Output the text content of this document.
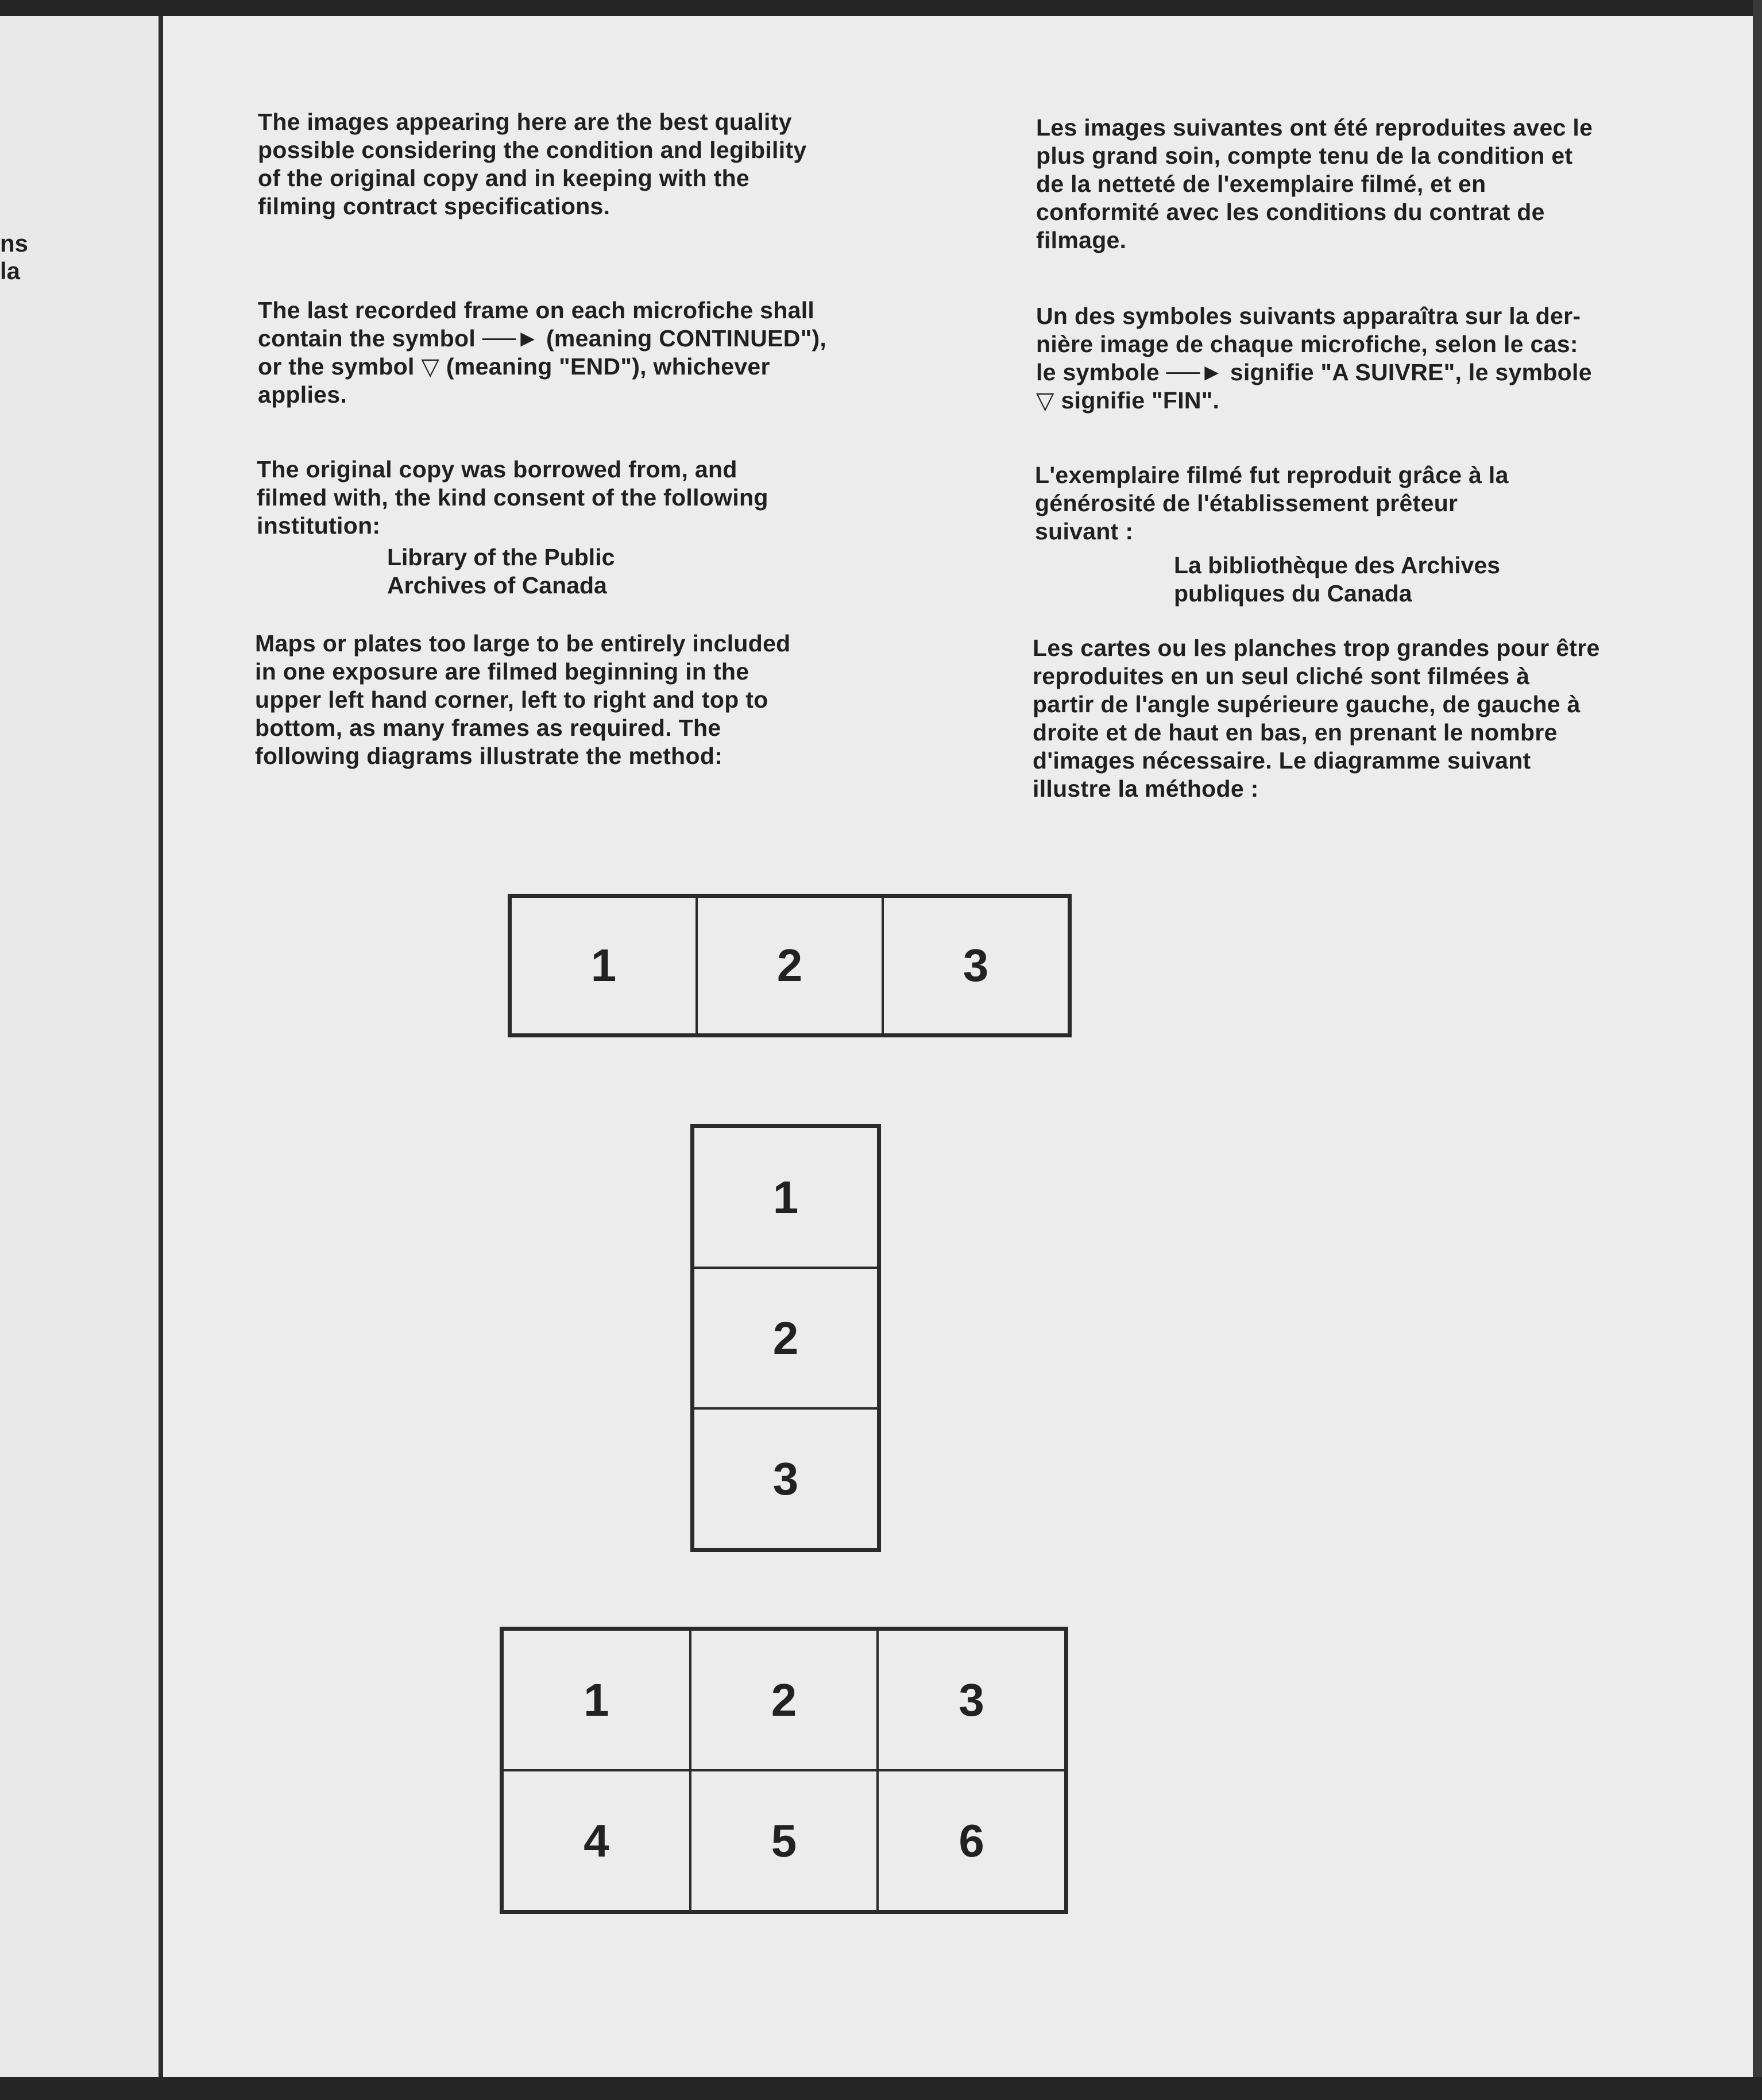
ns
la

The images appearing here are the best quality
possible considering the condition and legibility
of the original copy and in keeping with the
filming contract specifications.

The last recorded frame on each microfiche shall
contain the symbol ──► (meaning CONTINUED"),
or the symbol ▽ (meaning "END"), whichever
applies.

The original copy was borrowed from, and
filmed with, the kind consent of the following
institution:

Library of the Public
Archives of Canada

Maps or plates too large to be entirely included
in one exposure are filmed beginning in the
upper left hand corner, left to right and top to
bottom, as many frames as required. The
following diagrams illustrate the method:

Les images suivantes ont été reproduites avec le
plus grand soin, compte tenu de la condition et
de la netteté de l'exemplaire filmé, et en
conformité avec les conditions du contrat de
filmage.

Un des symboles suivants apparaîtra sur la der-
nière image de chaque microfiche, selon le cas:
le symbole ──► signifie "A SUIVRE", le symbole
▽ signifie "FIN".

L'exemplaire filmé fut reproduit grâce à la
générosité de l'établissement prêteur
suivant :

La bibliothèque des Archives
publiques du Canada

Les cartes ou les planches trop grandes pour être
reproduites en un seul cliché sont filmées à
partir de l'angle supérieure gauche, de gauche à
droite et de haut en bas, en prenant le nombre
d'images nécessaire. Le diagramme suivant
illustre la méthode :

1	2	3
1
2
3
1	2	3
4	5	6
